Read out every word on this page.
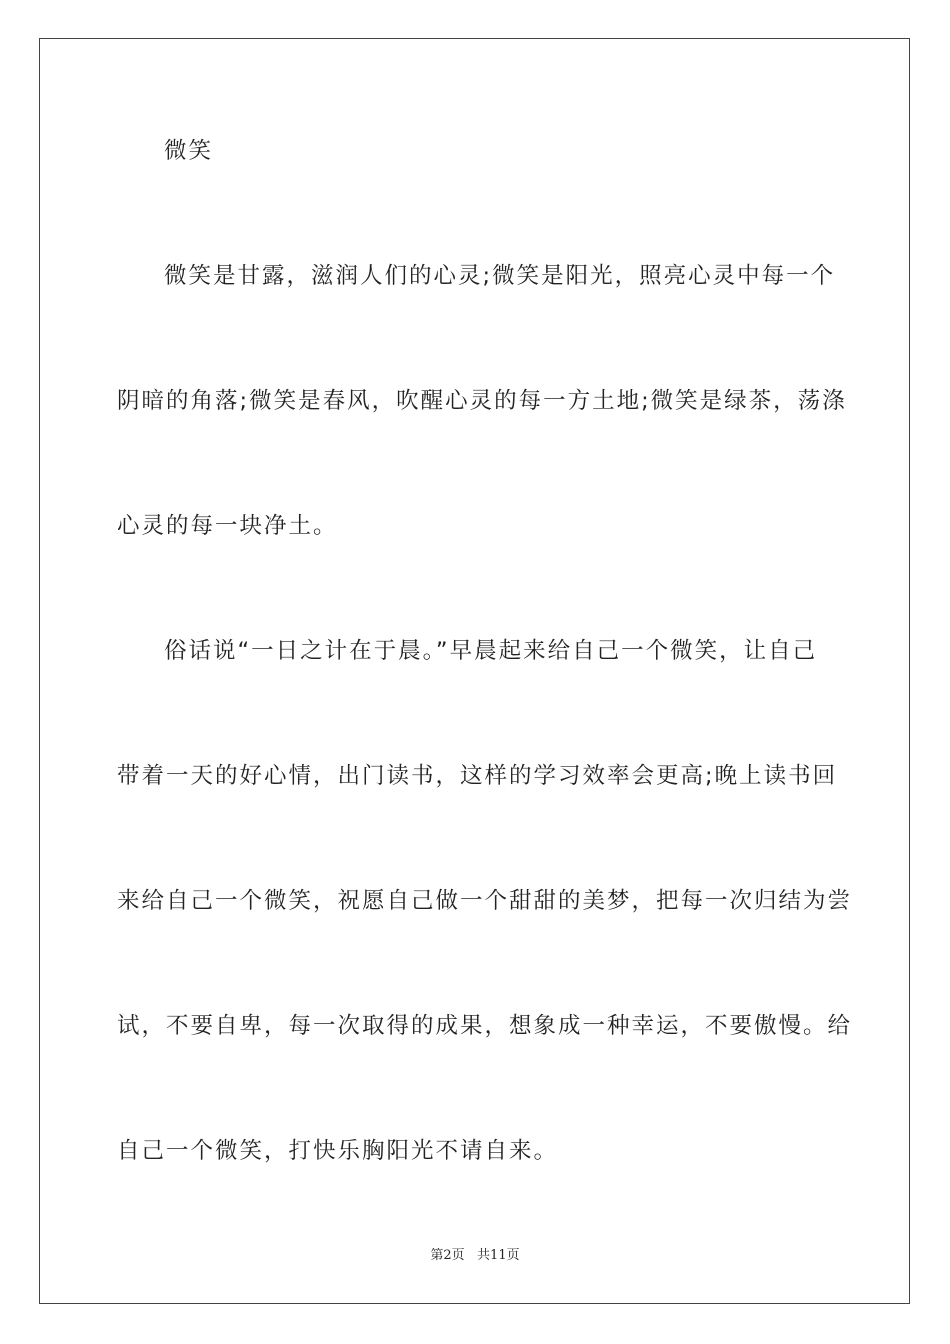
微笑
微笑是甘露，滋润人们的心灵;微笑是阳光，照亮心灵中每一个
阴暗的角落;微笑是春风，吹醒心灵的每一方土地;微笑是绿茶，荡涤
心灵的每一块净土。
俗话说“一日之计在于晨。”早晨起来给自己一个微笑，让自己
带着一天的好心情，出门读书，这样的学习效率会更高;晚上读书回
来给自己一个微笑，祝愿自己做一个甜甜的美梦，把每一次归结为尝
试，不要自卑，每一次取得的成果，想象成一种幸运，不要傲慢。给
自己一个微笑，打快乐胸阳光不请自来。
第2页   共11页
